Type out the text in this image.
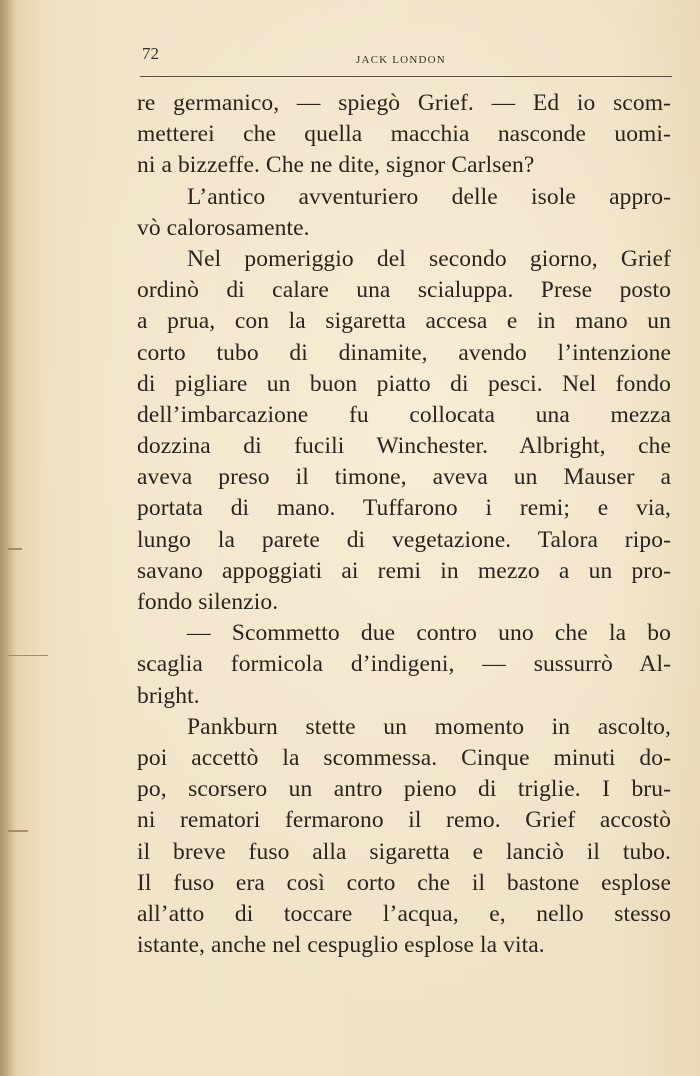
72	JACK LONDON
re germanico, — spiegò Grief. — Ed io scom-
metterei che quella macchia nasconde uomi-
ni a bizzeffe. Che ne dite, signor Carlsen?
L’antico avventuriero delle isole appro-
vò calorosamente.
Nel pomeriggio del secondo giorno, Grief
ordinò di calare una scialuppa. Prese posto
a prua, con la sigaretta accesa e in mano un
corto tubo di dinamite, avendo l’intenzione
di pigliare un buon piatto di pesci. Nel fondo
dell’imbarcazione fu collocata una mezza
dozzina di fucili Winchester. Albright, che
aveva preso il timone, aveva un Mauser a
portata di mano. Tuffarono i remi; e via,
lungo la parete di vegetazione. Talora ripo-
savano appoggiati ai remi in mezzo a un pro-
fondo silenzio.
— Scommetto due contro uno che la bo
scaglia formicola d’indigeni, — sussurrò Al-
bright.
Pankburn stette un momento in ascolto,
poi accettò la scommessa. Cinque minuti do-
po, scorsero un antro pieno di triglie. I bru-
ni rematori fermarono il remo. Grief accostò
il breve fuso alla sigaretta e lanciò il tubo.
Il fuso era così corto che il bastone esplose
all’atto di toccare l’acqua, e, nello stesso
istante, anche nel cespuglio esplose la vita.
